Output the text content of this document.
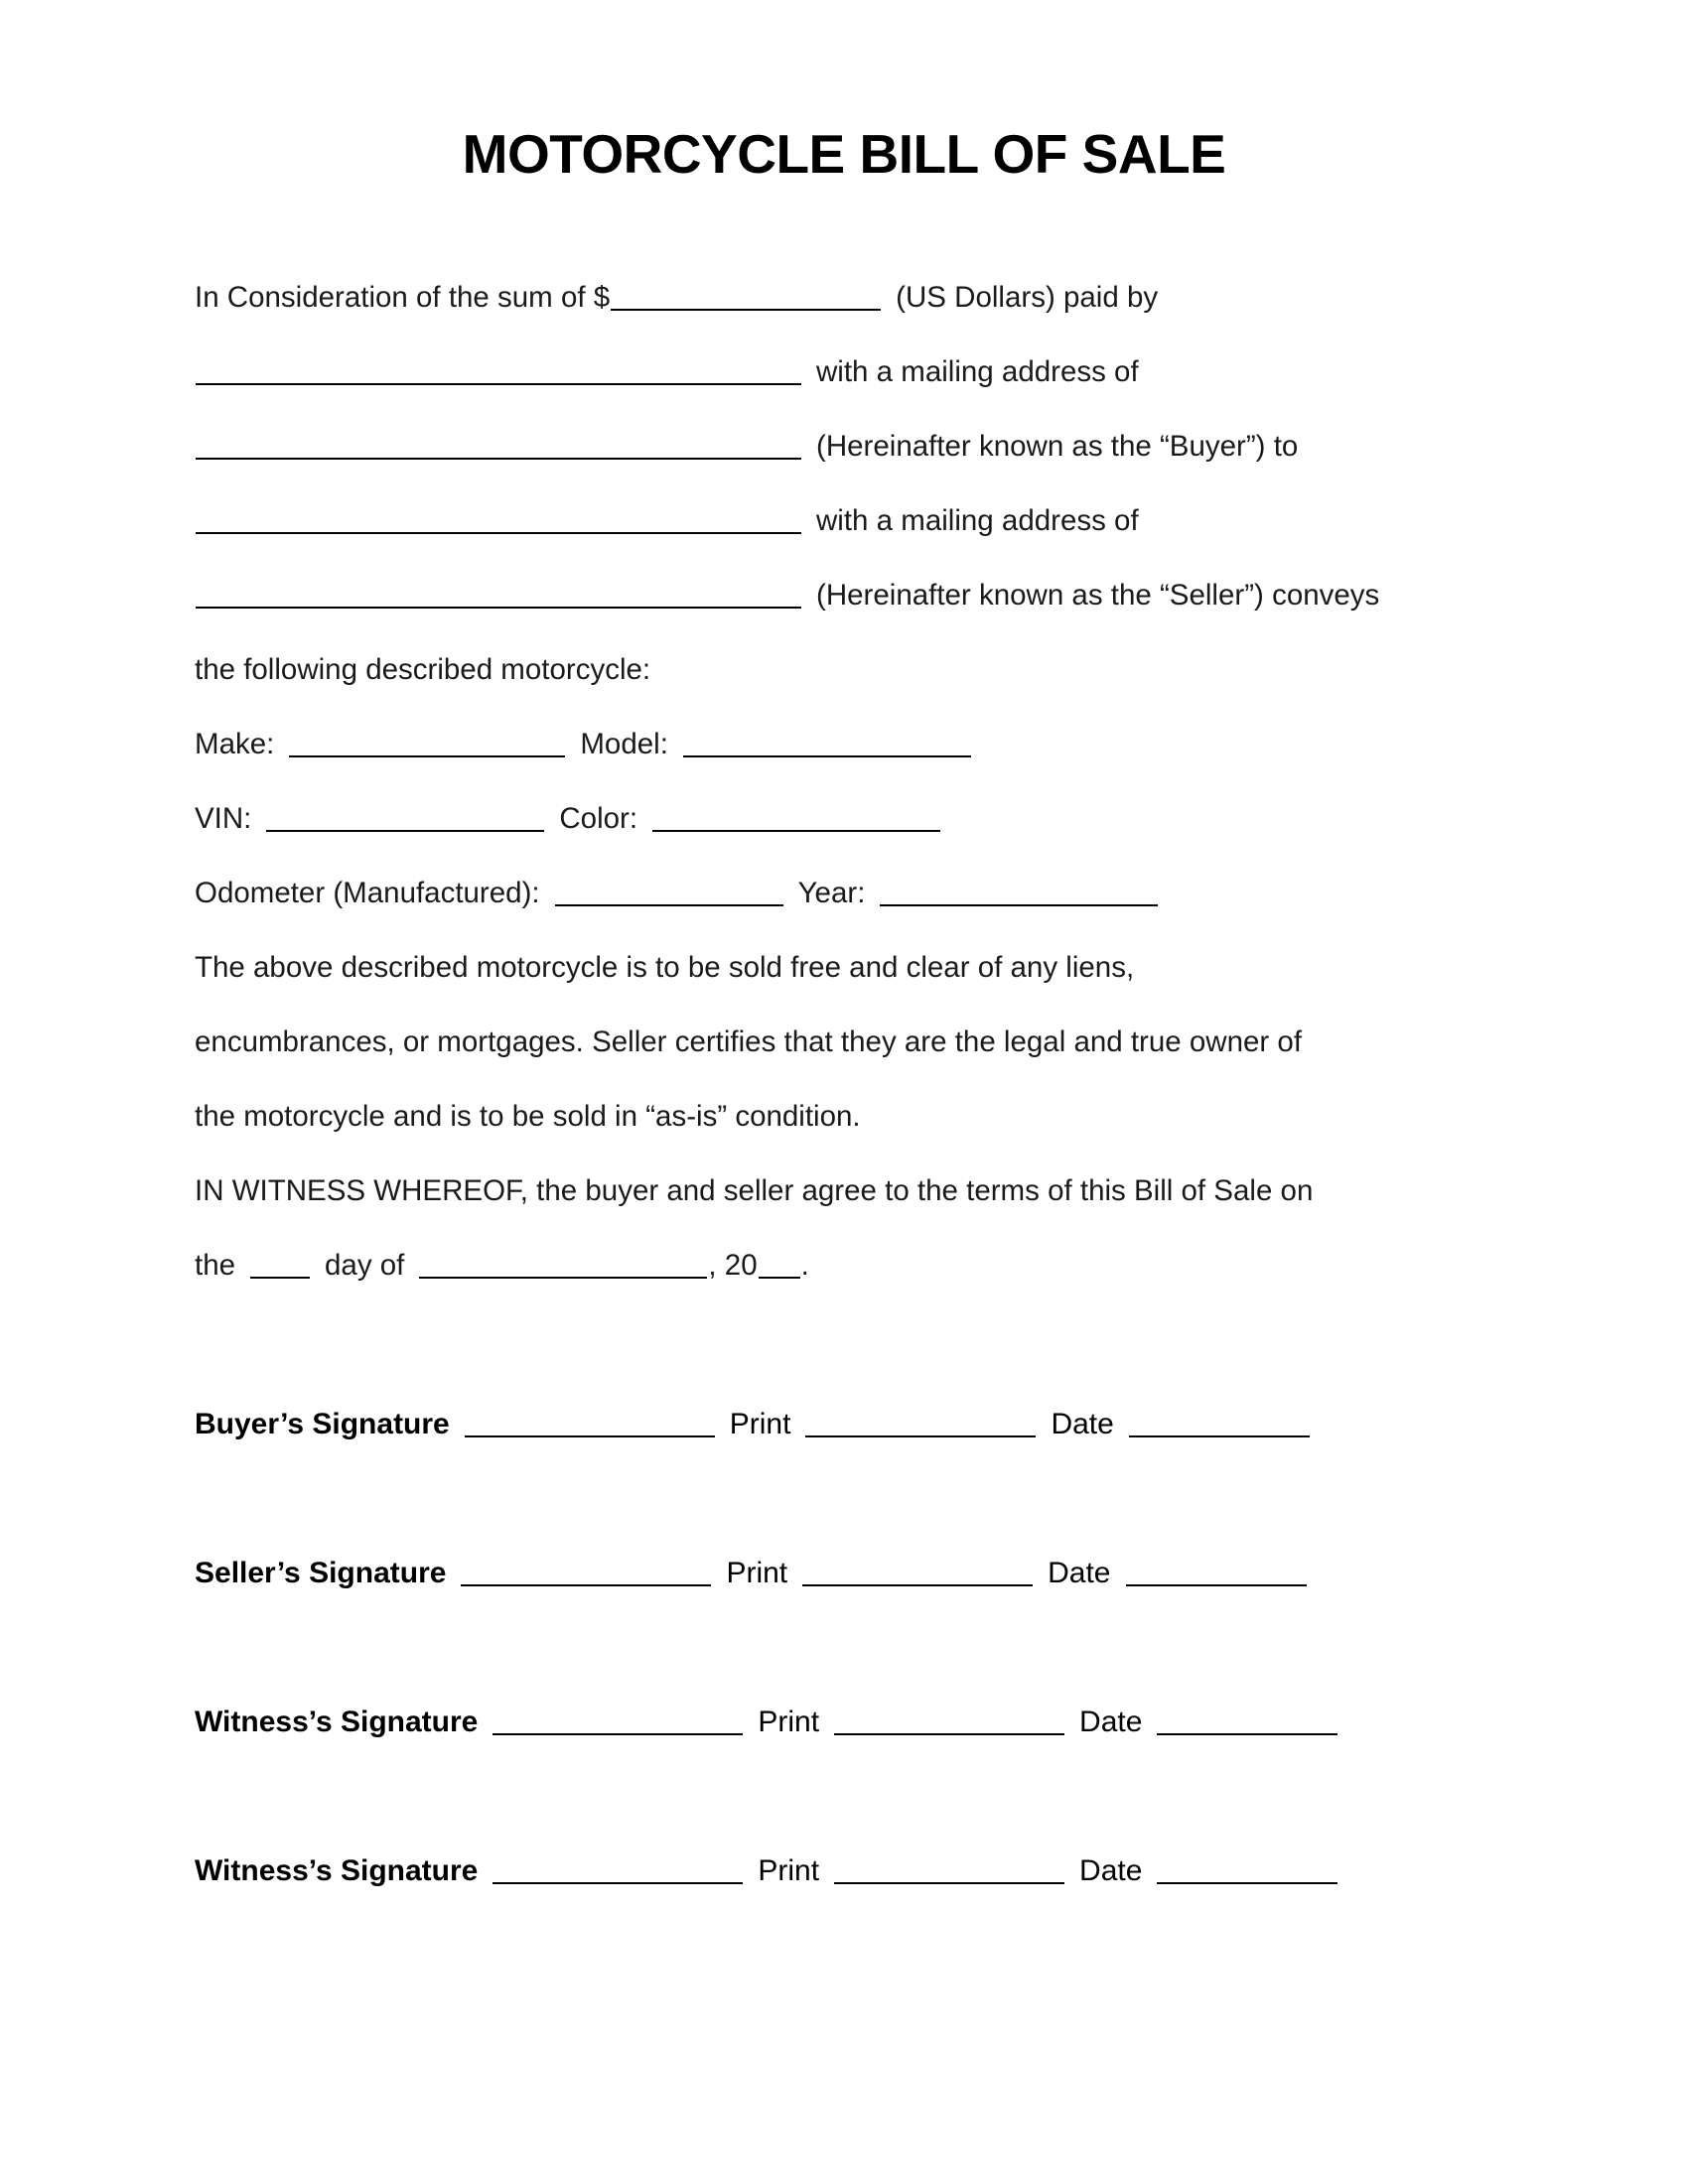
MOTORCYCLE BILL OF SALE
In Consideration of the sum of $	(US Dollars) paid by
with a mailing address of
(Hereinafter known as the “Buyer”) to
with a mailing address of
(Hereinafter known as the “Seller”) conveys
the following described motorcycle:
Make:	Model:
VIN:	Color:
Odometer (Manufactured):	Year:
The above described motorcycle is to be sold free and clear of any liens,
encumbrances, or mortgages. Seller certifies that they are the legal and true owner of
the motorcycle and is to be sold in “as-is” condition.
IN WITNESS WHEREOF, the buyer and seller agree to the terms of this Bill of Sale on
the	day of	, 20 .
Buyer’s Signature	Print	Date
Seller’s Signature	Print	Date
Witness’s Signature	Print	Date
Witness’s Signature	Print	Date
